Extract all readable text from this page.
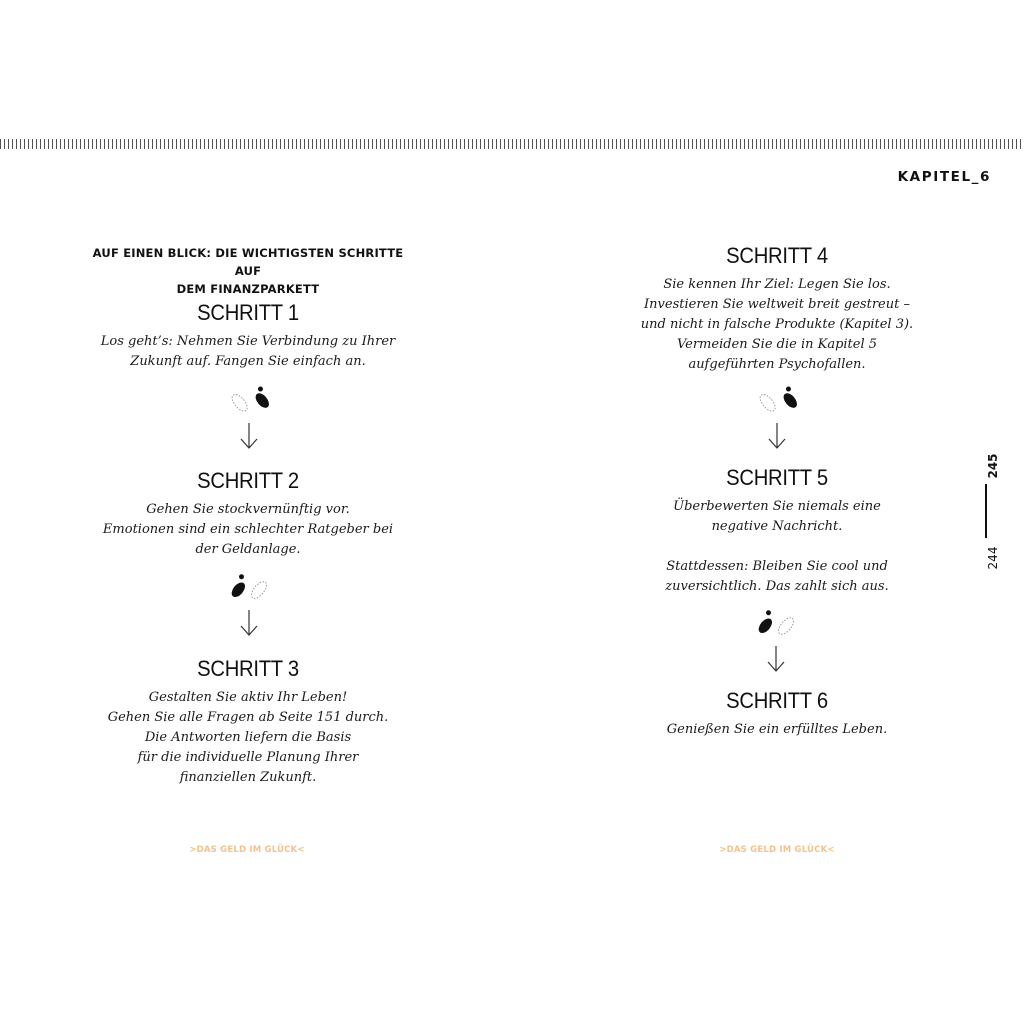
KAPITEL_6
AUF EINEN BLICK: DIE WICHTIGSTEN SCHRITTE AUF
DEM FINANZPARKETT
SCHRITT 1

Los geht’s: Nehmen Sie Verbindung zu Ihrer

Zukunft auf. Fangen Sie einfach an.

SCHRITT 2

Gehen Sie stockvernünftig vor.

Emotionen sind ein schlechter Ratgeber bei

der Geldanlage.

SCHRITT 3

Gestalten Sie aktiv Ihr Leben!

Gehen Sie alle Fragen ab Seite 151 durch.

Die Antworten liefern die Basis

für die individuelle Planung Ihrer

finanziellen Zukunft.

SCHRITT 4

Sie kennen Ihr Ziel: Legen Sie los.

Investieren Sie weltweit breit gestreut –

und nicht in falsche Produkte (Kapitel 3).

Vermeiden Sie die in Kapitel 5

aufgeführten Psychofallen.

SCHRITT 5

Überbewerten Sie niemals eine

negative Nachricht.

Stattdessen: Bleiben Sie cool und

zuversichtlich. Das zahlt sich aus.

SCHRITT 6

Genießen Sie ein erfülltes Leben.

>DAS GELD IM GLÜCK<	>DAS GELD IM GLÜCK<
245
244
